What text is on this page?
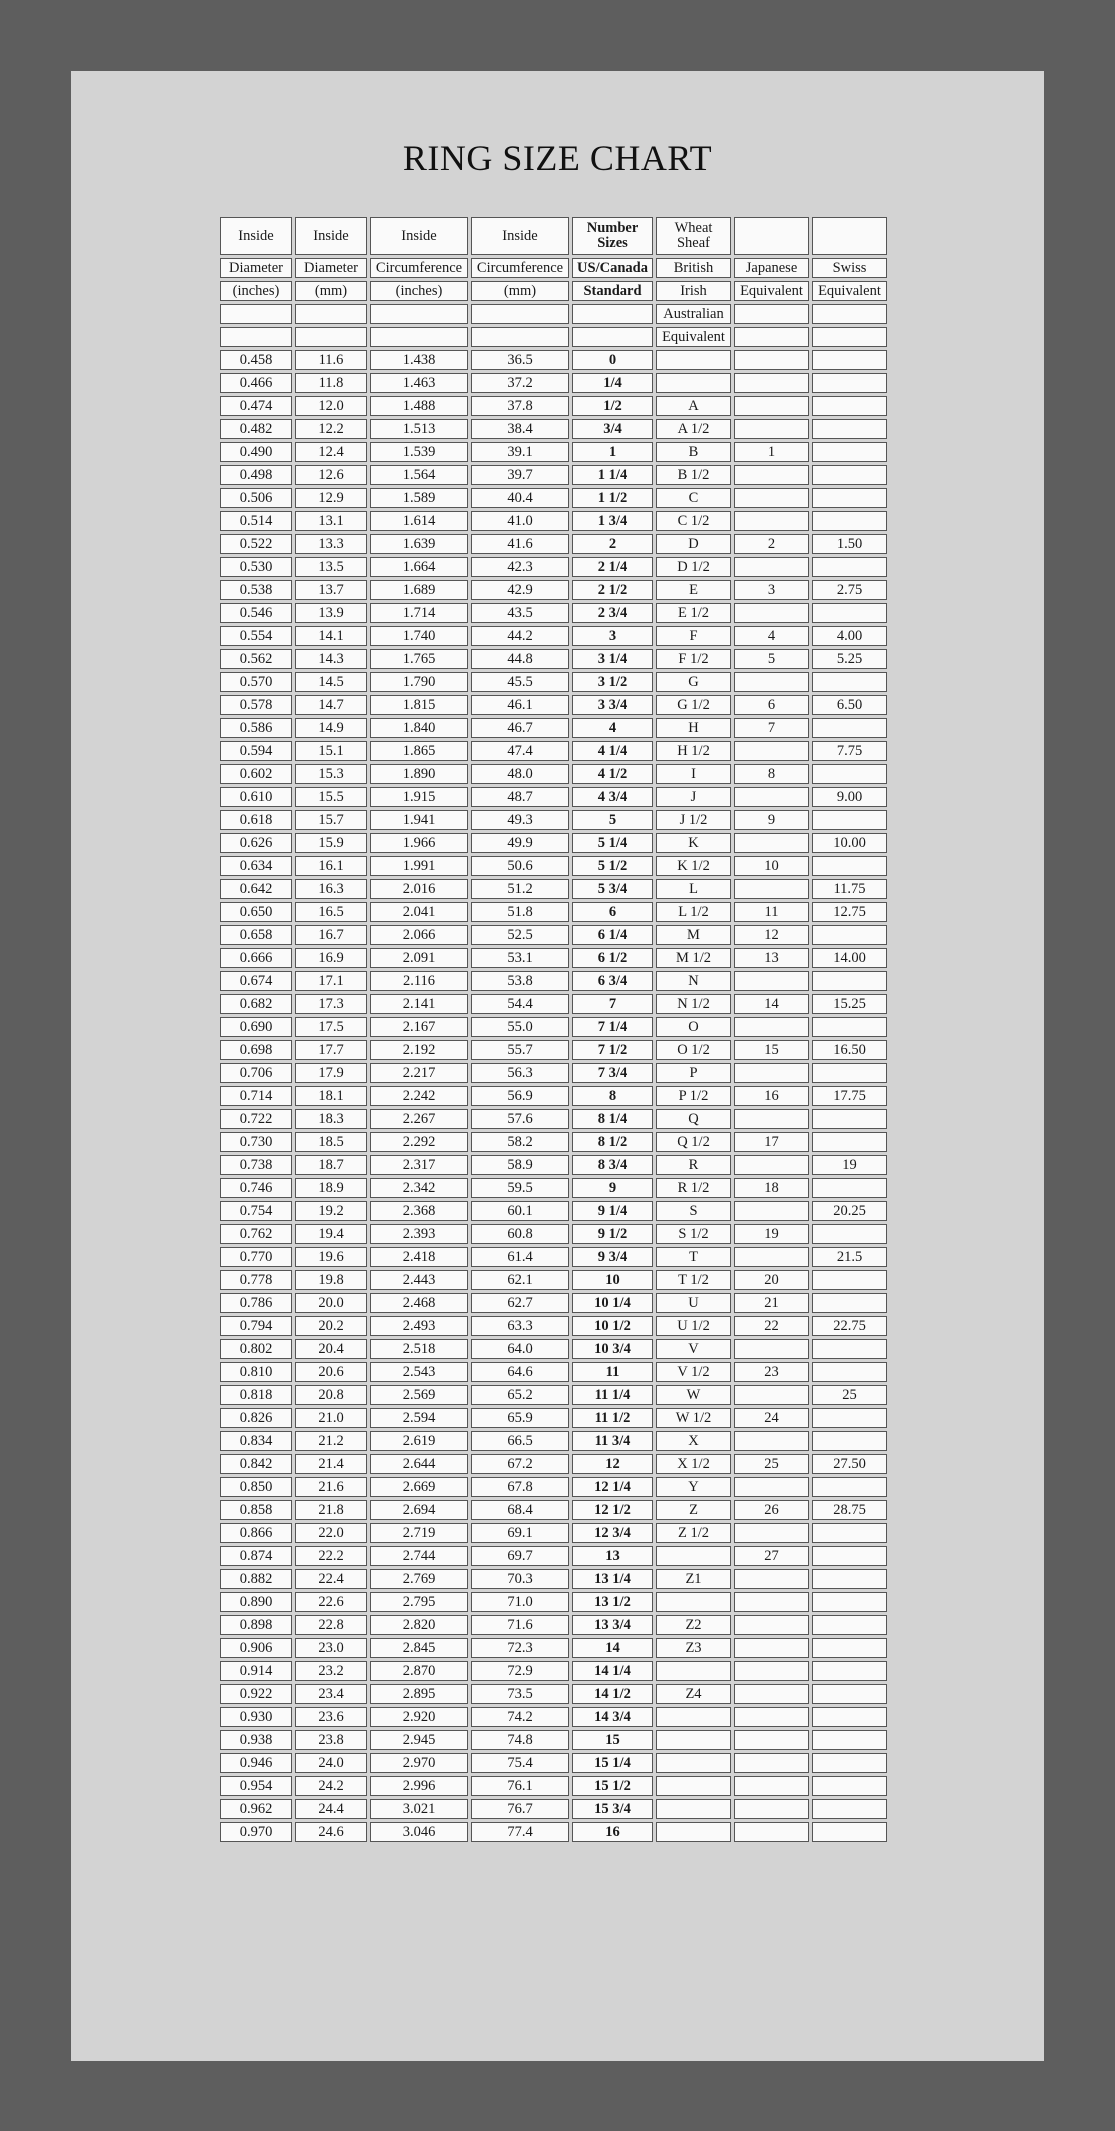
RING SIZE CHART
Inside	Inside	Inside	Inside	Number Sizes	Wheat Sheaf		
Diameter	Diameter	Circumference	Circumference	US/Canada	British	Japanese	Swiss
(inches)	(mm)	(inches)	(mm)	Standard	Irish	Equivalent	Equivalent
					Australian		
					Equivalent		
0.458	11.6	1.438	36.5	0			
0.466	11.8	1.463	37.2	1/4			
0.474	12.0	1.488	37.8	1/2	A		
0.482	12.2	1.513	38.4	3/4	A 1/2		
0.490	12.4	1.539	39.1	1	B	1	
0.498	12.6	1.564	39.7	1 1/4	B 1/2		
0.506	12.9	1.589	40.4	1 1/2	C		
0.514	13.1	1.614	41.0	1 3/4	C 1/2		
0.522	13.3	1.639	41.6	2	D	2	1.50
0.530	13.5	1.664	42.3	2 1/4	D 1/2		
0.538	13.7	1.689	42.9	2 1/2	E	3	2.75
0.546	13.9	1.714	43.5	2 3/4	E 1/2		
0.554	14.1	1.740	44.2	3	F	4	4.00
0.562	14.3	1.765	44.8	3 1/4	F 1/2	5	5.25
0.570	14.5	1.790	45.5	3 1/2	G		
0.578	14.7	1.815	46.1	3 3/4	G 1/2	6	6.50
0.586	14.9	1.840	46.7	4	H	7	
0.594	15.1	1.865	47.4	4 1/4	H 1/2		7.75
0.602	15.3	1.890	48.0	4 1/2	I	8	
0.610	15.5	1.915	48.7	4 3/4	J		9.00
0.618	15.7	1.941	49.3	5	J 1/2	9	
0.626	15.9	1.966	49.9	5 1/4	K		10.00
0.634	16.1	1.991	50.6	5 1/2	K 1/2	10	
0.642	16.3	2.016	51.2	5 3/4	L		11.75
0.650	16.5	2.041	51.8	6	L 1/2	11	12.75
0.658	16.7	2.066	52.5	6 1/4	M	12	
0.666	16.9	2.091	53.1	6 1/2	M 1/2	13	14.00
0.674	17.1	2.116	53.8	6 3/4	N		
0.682	17.3	2.141	54.4	7	N 1/2	14	15.25
0.690	17.5	2.167	55.0	7 1/4	O		
0.698	17.7	2.192	55.7	7 1/2	O 1/2	15	16.50
0.706	17.9	2.217	56.3	7 3/4	P		
0.714	18.1	2.242	56.9	8	P 1/2	16	17.75
0.722	18.3	2.267	57.6	8 1/4	Q		
0.730	18.5	2.292	58.2	8 1/2	Q 1/2	17	
0.738	18.7	2.317	58.9	8 3/4	R		19
0.746	18.9	2.342	59.5	9	R 1/2	18	
0.754	19.2	2.368	60.1	9 1/4	S		20.25
0.762	19.4	2.393	60.8	9 1/2	S 1/2	19	
0.770	19.6	2.418	61.4	9 3/4	T		21.5
0.778	19.8	2.443	62.1	10	T 1/2	20	
0.786	20.0	2.468	62.7	10 1/4	U	21	
0.794	20.2	2.493	63.3	10 1/2	U 1/2	22	22.75
0.802	20.4	2.518	64.0	10 3/4	V		
0.810	20.6	2.543	64.6	11	V 1/2	23	
0.818	20.8	2.569	65.2	11 1/4	W		25
0.826	21.0	2.594	65.9	11 1/2	W 1/2	24	
0.834	21.2	2.619	66.5	11 3/4	X		
0.842	21.4	2.644	67.2	12	X 1/2	25	27.50
0.850	21.6	2.669	67.8	12 1/4	Y		
0.858	21.8	2.694	68.4	12 1/2	Z	26	28.75
0.866	22.0	2.719	69.1	12 3/4	Z 1/2		
0.874	22.2	2.744	69.7	13		27	
0.882	22.4	2.769	70.3	13 1/4	Z1		
0.890	22.6	2.795	71.0	13 1/2			
0.898	22.8	2.820	71.6	13 3/4	Z2		
0.906	23.0	2.845	72.3	14	Z3		
0.914	23.2	2.870	72.9	14 1/4			
0.922	23.4	2.895	73.5	14 1/2	Z4		
0.930	23.6	2.920	74.2	14 3/4			
0.938	23.8	2.945	74.8	15			
0.946	24.0	2.970	75.4	15 1/4			
0.954	24.2	2.996	76.1	15 1/2			
0.962	24.4	3.021	76.7	15 3/4			
0.970	24.6	3.046	77.4	16			
